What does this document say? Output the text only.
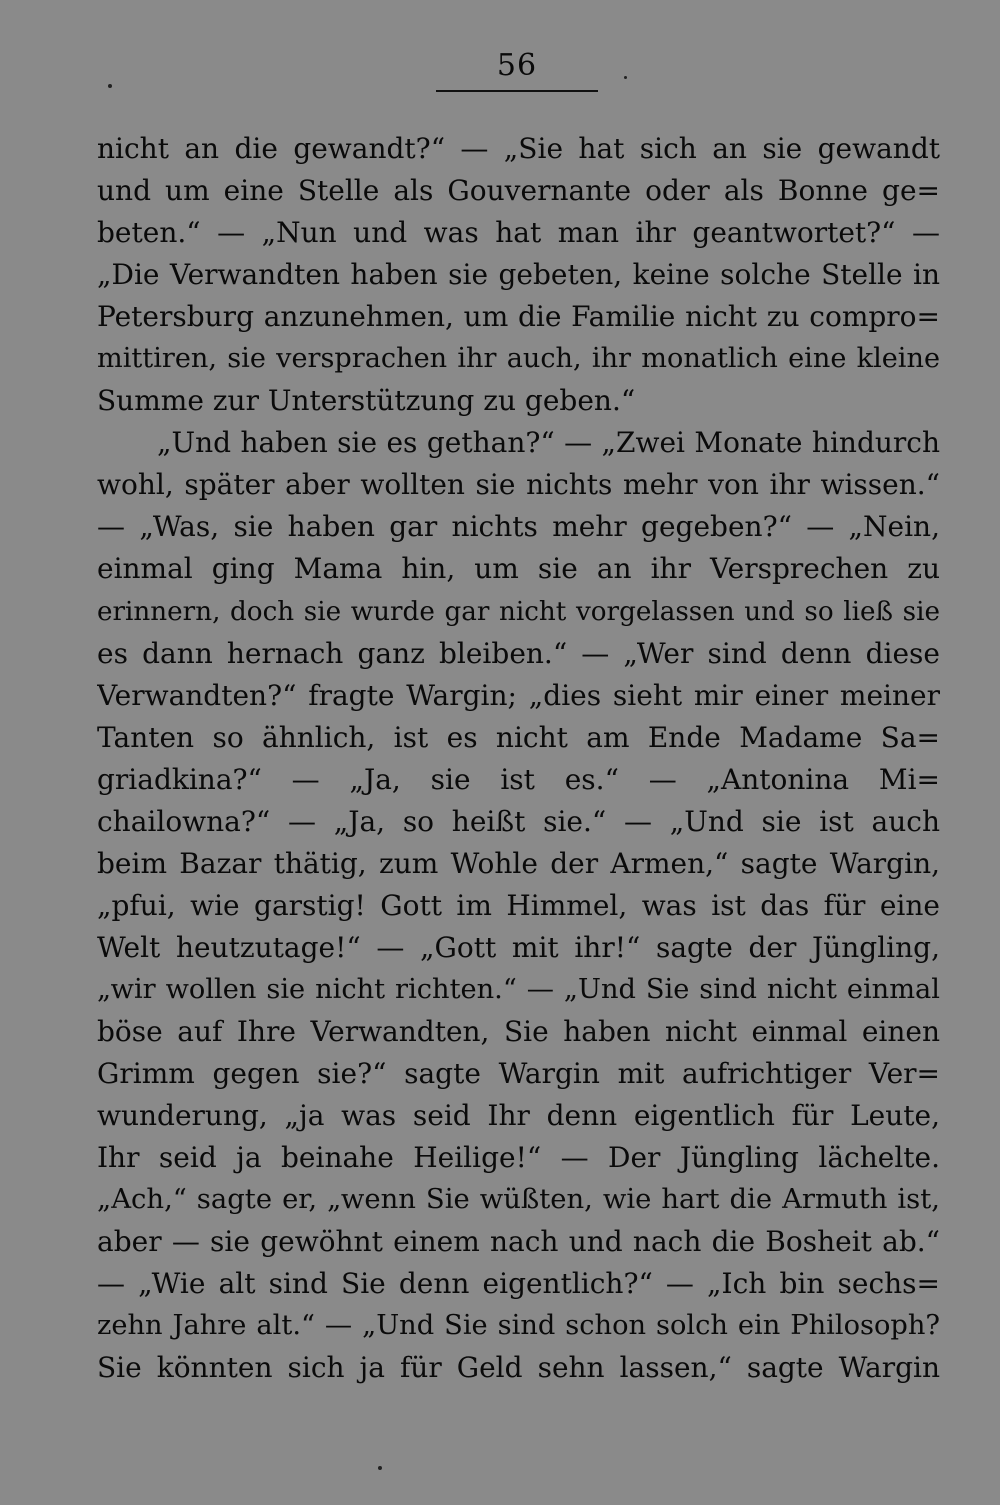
56
nicht an die gewandt?“ — „Sie hat sich an sie gewandt
und um eine Stelle als Gouvernante oder als Bonne ge=
beten.“ — „Nun und was hat man ihr geantwortet?“ —
„Die Verwandten haben sie gebeten, keine solche Stelle in
Petersburg anzunehmen, um die Familie nicht zu compro=
mittiren, sie versprachen ihr auch, ihr monatlich eine kleine
Summe zur Unterstützung zu geben.“
„Und haben sie es gethan?“ — „Zwei Monate hindurch
wohl, später aber wollten sie nichts mehr von ihr wissen.“
— „Was, sie haben gar nichts mehr gegeben?“ — „Nein,
einmal ging Mama hin, um sie an ihr Versprechen zu
erinnern, doch sie wurde gar nicht vorgelassen und so ließ sie
es dann hernach ganz bleiben.“ — „Wer sind denn diese
Verwandten?“ fragte Wargin; „dies sieht mir einer meiner
Tanten so ähnlich, ist es nicht am Ende Madame Sa=
griadkina?“ — „Ja, sie ist es.“ — „Antonina Mi=
chailowna?“ — „Ja, so heißt sie.“ — „Und sie ist auch
beim Bazar thätig, zum Wohle der Armen,“ sagte Wargin,
„pfui, wie garstig! Gott im Himmel, was ist das für eine
Welt heutzutage!“ — „Gott mit ihr!“ sagte der Jüngling,
„wir wollen sie nicht richten.“ — „Und Sie sind nicht einmal
böse auf Ihre Verwandten, Sie haben nicht einmal einen
Grimm gegen sie?“ sagte Wargin mit aufrichtiger Ver=
wunderung, „ja was seid Ihr denn eigentlich für Leute,
Ihr seid ja beinahe Heilige!“ — Der Jüngling lächelte.
„Ach,“ sagte er, „wenn Sie wüßten, wie hart die Armuth ist,
aber — sie gewöhnt einem nach und nach die Bosheit ab.“
— „Wie alt sind Sie denn eigentlich?“ — „Ich bin sechs=
zehn Jahre alt.“ — „Und Sie sind schon solch ein Philosoph?
Sie könnten sich ja für Geld sehn lassen,“ sagte Wargin
